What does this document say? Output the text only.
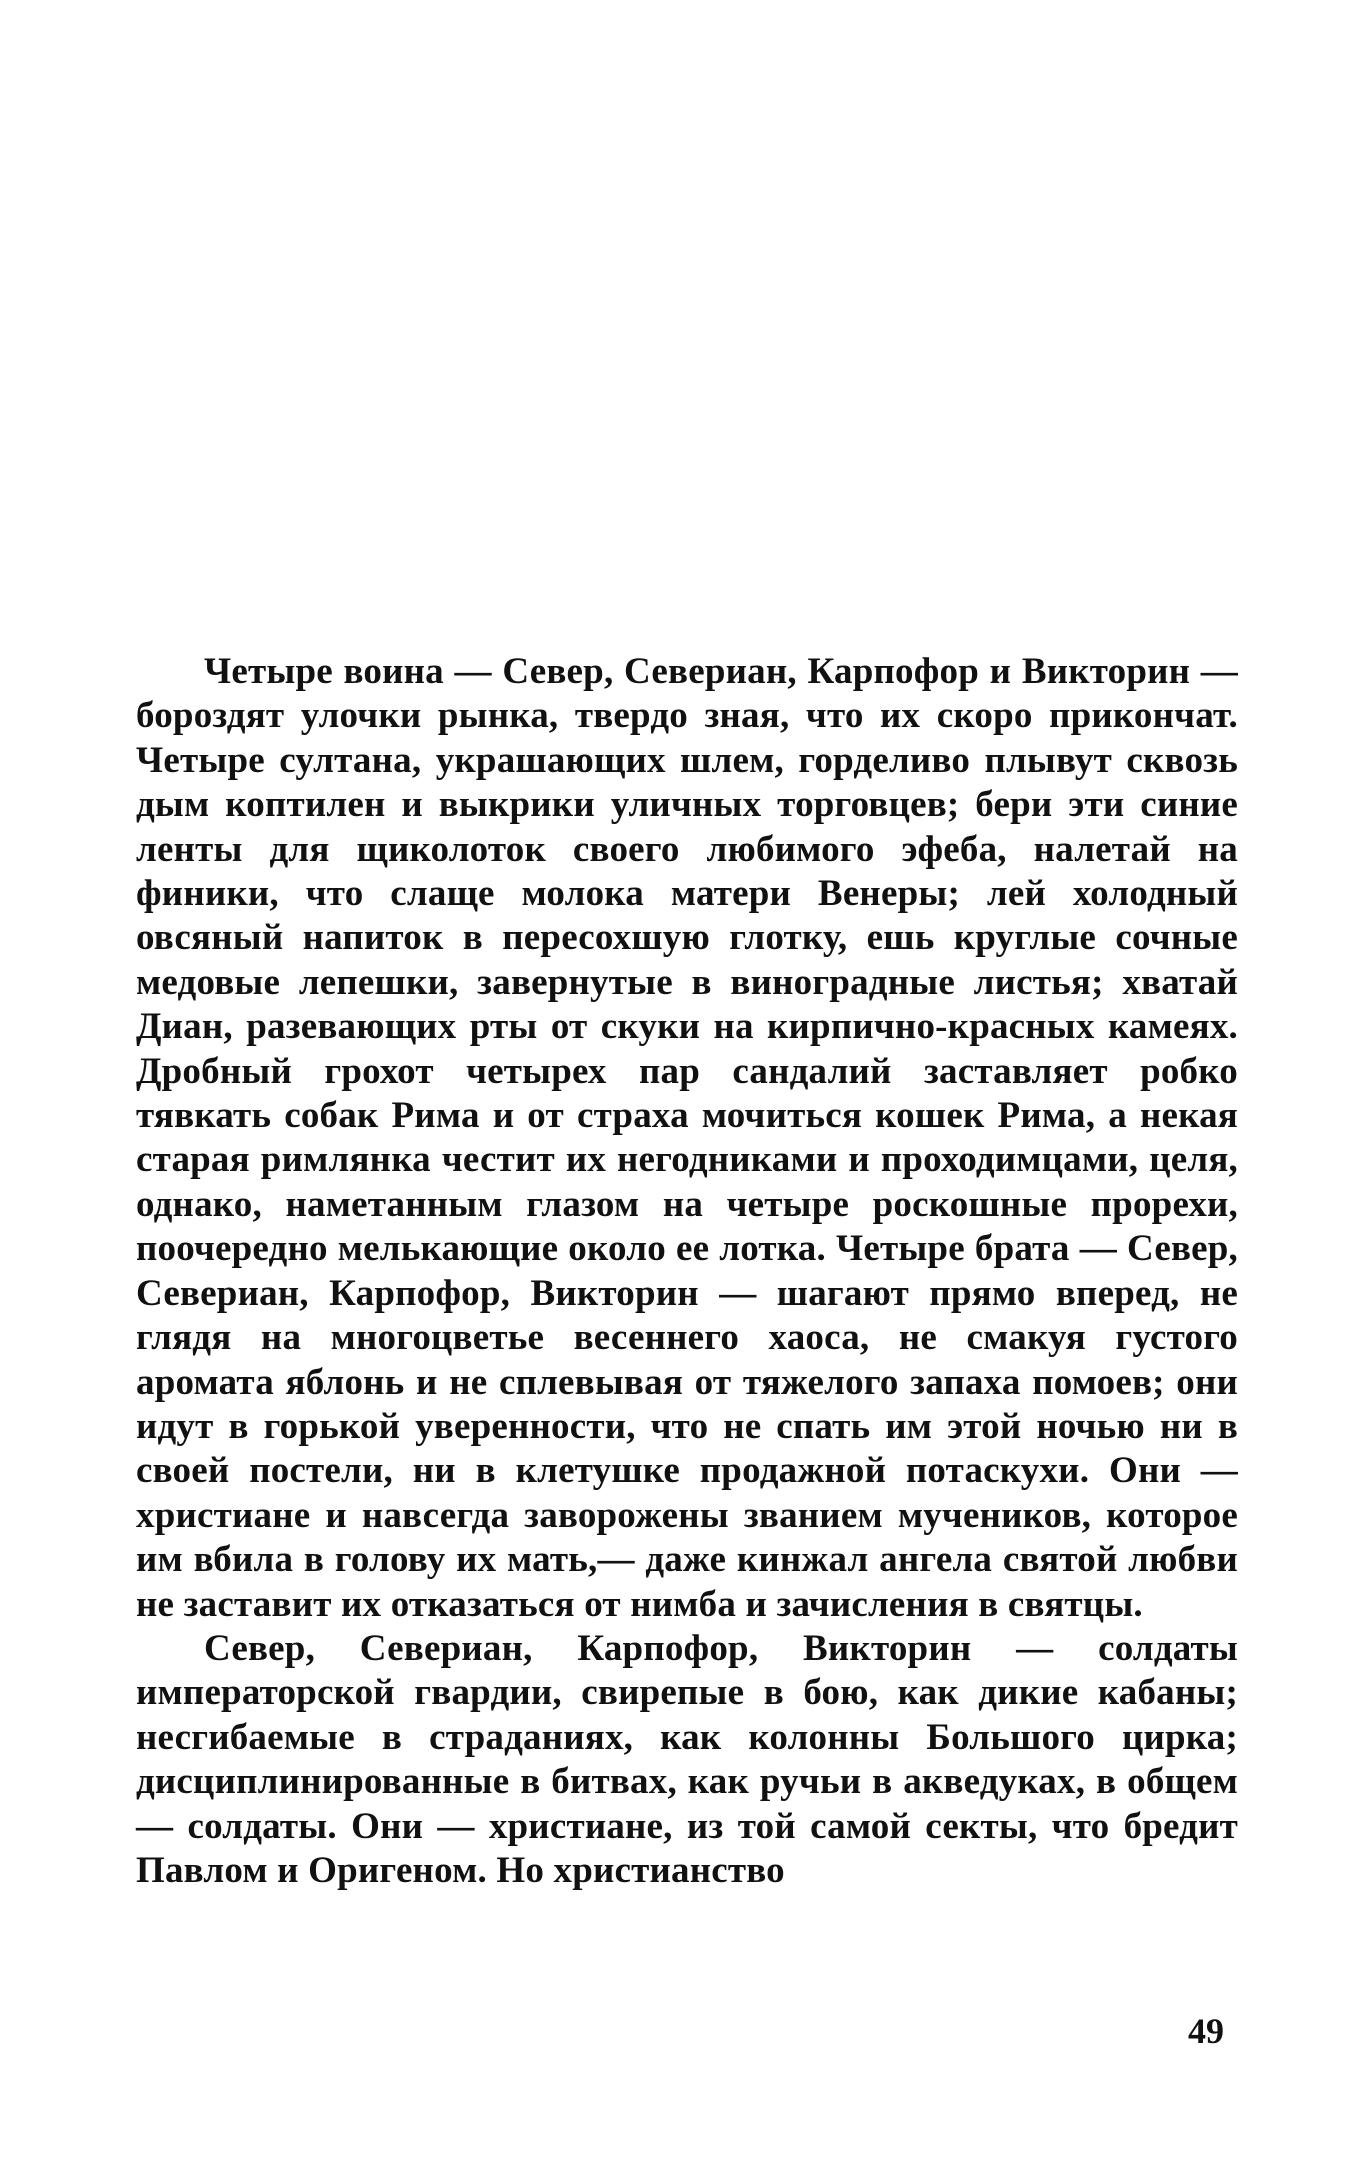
Четыре воина — Север, Севериан, Карпофор и Викторин — бороздят улочки рынка, твердо зная, что их скоро прикончат. Четыре султана, украшающих шлем, горделиво плывут сквозь дым коптилен и выкрики уличных торговцев; бери эти синие ленты для щиколоток своего любимого эфеба, налетай на финики, что слаще молока матери Венеры; лей холодный овсяный напиток в пересохшую глотку, ешь круглые сочные медовые лепешки, завернутые в виноградные листья; хватай Диан, разевающих рты от скуки на кирпично-красных камеях. Дробный грохот четырех пар сандалий заставляет робко тявкать собак Рима и от страха мочиться кошек Рима, а некая старая римлянка честит их негодниками и проходимцами, целя, однако, наметанным глазом на четыре роскошные прорехи, поочередно мелькающие около ее лотка. Четыре брата — Север, Севериан, Карпофор, Викторин — шагают прямо вперед, не глядя на многоцветье весеннего хаоса, не смакуя густого аромата яблонь и не сплевывая от тяжелого запаха помоев; они идут в горькой уверенности, что не спать им этой ночью ни в своей постели, ни в клетушке продажной потаскухи. Они — христиане и навсегда заворожены званием мучеников, которое им вбила в голову их мать,— даже кинжал ангела святой любви не заставит их отказаться от нимба и зачисления в святцы.

Север, Севериан, Карпофор, Викторин — солдаты императорской гвардии, свирепые в бою, как дикие кабаны; несгибаемые в страданиях, как колонны Большого цирка; дисциплинированные в битвах, как ручьи в акведуках, в общем — солдаты. Они — христиане, из той самой секты, что бредит Павлом и Оригеном. Но христианство

49
